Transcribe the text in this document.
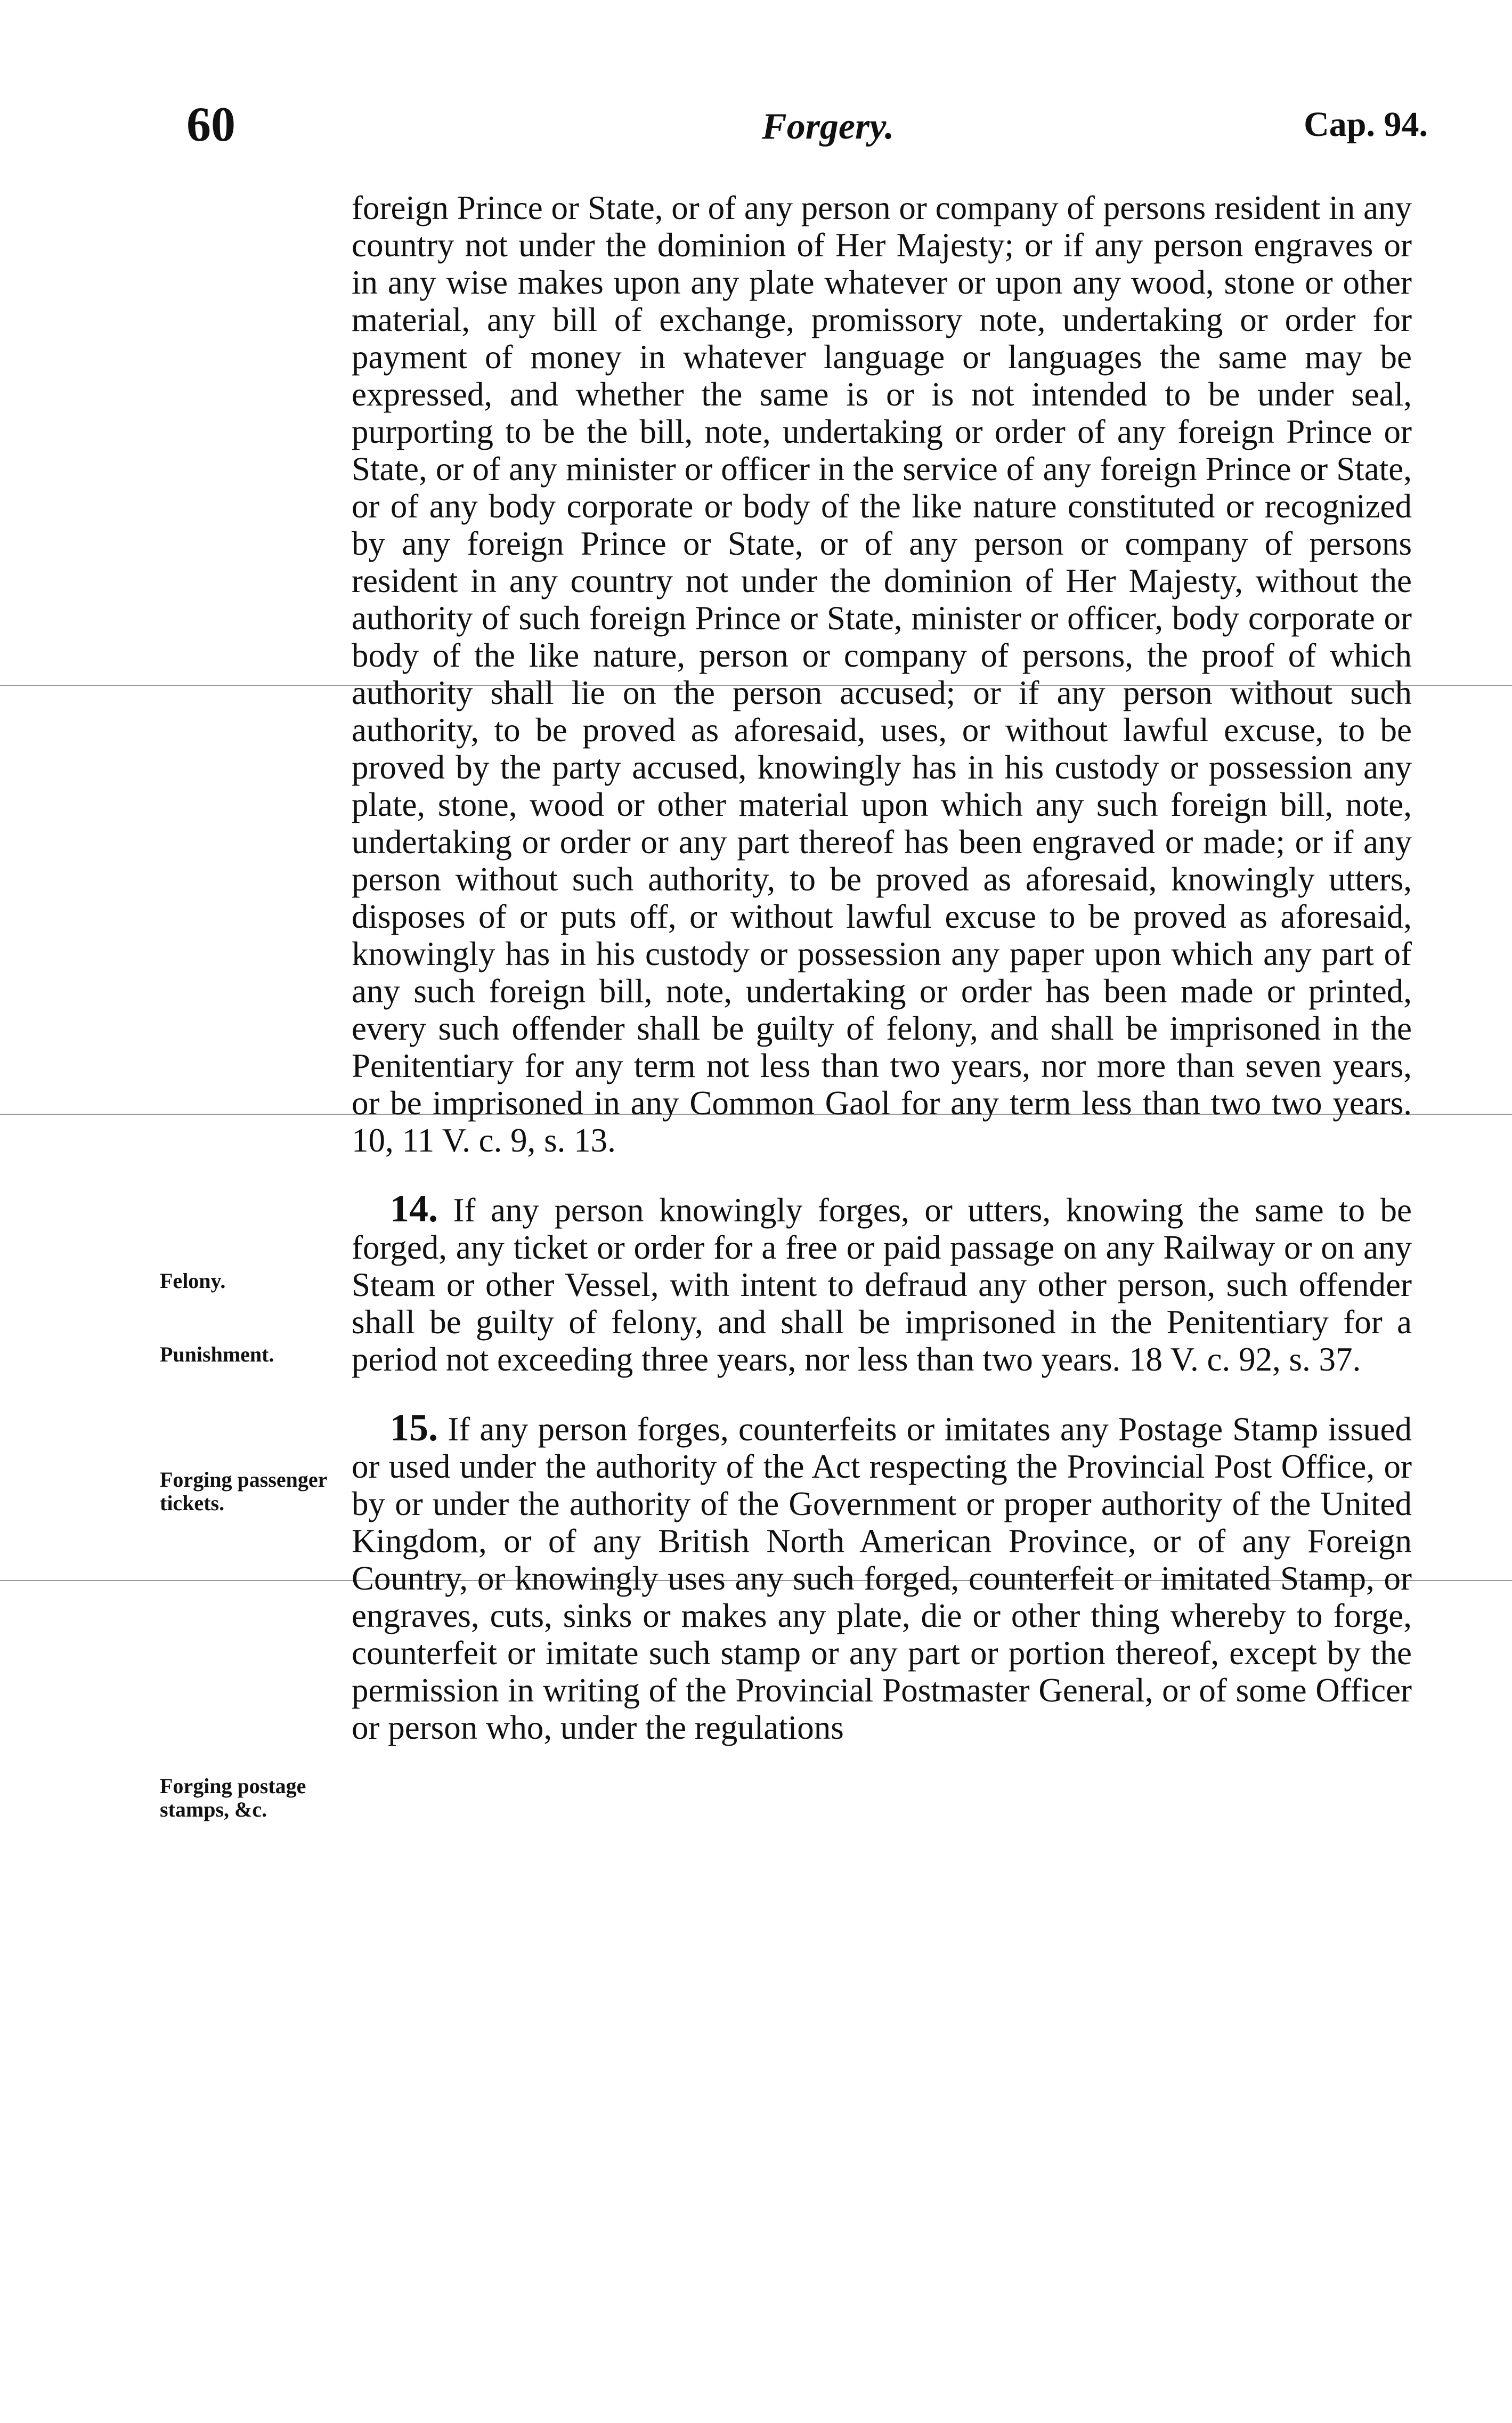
60	Forgery.	Cap. 94.
Felony.
Punishment.
Forging passenger tickets.
Forging postage stamps, &c.

foreign Prince or State, or of any person or company of persons resident in any country not under the dominion of Her Majesty; or if any person engraves or in any wise makes upon any plate whatever or upon any wood, stone or other material, any bill of exchange, promissory note, undertaking or order for payment of money in whatever language or languages the same may be expressed, and whether the same is or is not intended to be under seal, purporting to be the bill, note, undertaking or order of any foreign Prince or State, or of any minister or officer in the service of any foreign Prince or State, or of any body corporate or body of the like nature constituted or recognized by any foreign Prince or State, or of any person or company of persons resident in any country not under the dominion of Her Majesty, without the authority of such foreign Prince or State, minister or officer, body corporate or body of the like nature, person or company of persons, the proof of which authority shall lie on the person accused; or if any person without such authority, to be proved as aforesaid, uses, or without lawful excuse, to be proved by the party accused, knowingly has in his custody or possession any plate, stone, wood or other material upon which any such foreign bill, note, undertaking or order or any part thereof has been engraved or made; or if any person without such authority, to be proved as aforesaid, knowingly utters, disposes of or puts off, or without lawful excuse to be proved as aforesaid, knowingly has in his custody or possession any paper upon which any part of any such foreign bill, note, undertaking or order has been made or printed, every such offender shall be guilty of felony, and shall be imprisoned in the Penitentiary for any term not less than two years, nor more than seven years, or be imprisoned in any Common Gaol for any term less than two two years. 10, 11 V. c. 9, s. 13.

14. If any person knowingly forges, or utters, knowing the same to be forged, any ticket or order for a free or paid passage on any Railway or on any Steam or other Vessel, with intent to defraud any other person, such offender shall be guilty of felony, and shall be imprisoned in the Penitentiary for a period not exceeding three years, nor less than two years. 18 V. c. 92, s. 37.

15. If any person forges, counterfeits or imitates any Postage Stamp issued or used under the authority of the Act respecting the Provincial Post Office, or by or under the authority of the Government or proper authority of the United Kingdom, or of any British North American Province, or of any Foreign Country, or knowingly uses any such forged, counterfeit or imitated Stamp, or engraves, cuts, sinks or makes any plate, die or other thing whereby to forge, counterfeit or imitate such stamp or any part or portion thereof, except by the permission in writing of the Provincial Postmaster General, or of some Officer or person who, under the regulations
